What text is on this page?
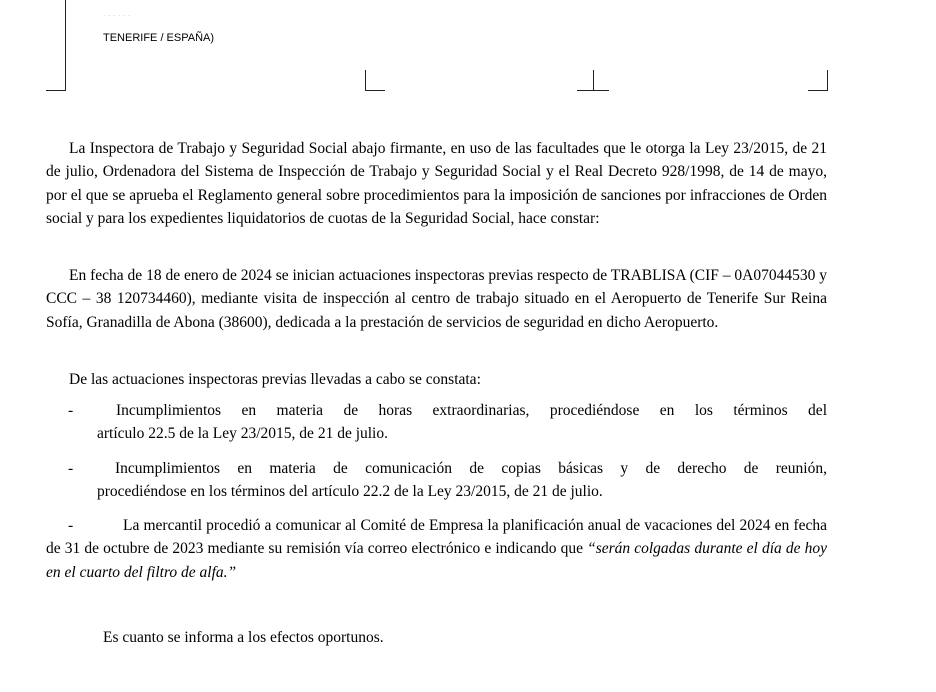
. . . . . .
TENERIFE / ESPAÑA)

La Inspectora de Trabajo y Seguridad Social abajo firmante, en uso de las facultades que le otorga la Ley 23/2015, de 21 de julio, Ordenadora del Sistema de Inspección de Trabajo y Seguridad Social y el Real Decreto 928/1998, de 14 de mayo, por el que se aprueba el Reglamento general sobre procedimientos para la imposición de sanciones por infracciones de Orden social y para los expedientes liquidatorios de cuotas de la Seguridad Social, hace constar:

En fecha de 18 de enero de 2024 se inician actuaciones inspectoras previas respecto de TRABLISA (CIF – 0A07044530 y CCC – 38 120734460), mediante visita de inspección al centro de trabajo situado en el Aeropuerto de Tenerife Sur Reina Sofía, Granadilla de Abona (38600), dedicada a la prestación de servicios de seguridad en dicho Aeropuerto.

De las actuaciones inspectoras previas llevadas a cabo se constata:

-	Incumplimientos en materia de horas extraordinarias, procediéndose en los términos del
artículo 22.5 de la Ley 23/2015, de 21 de julio.
-	Incumplimientos en materia de comunicación de copias básicas y de derecho de reunión,
procediéndose en los términos del artículo 22.2 de la Ley 23/2015, de 21 de julio.
-	La mercantil procedió a comunicar al Comité de Empresa la planificación anual de vacaciones del 2024 en fecha de 31 de octubre de 2023 mediante su remisión vía correo electrónico e indicando que “serán colgadas durante el día de hoy en el cuarto del filtro de alfa.”

Es cuanto se informa a los efectos oportunos.
